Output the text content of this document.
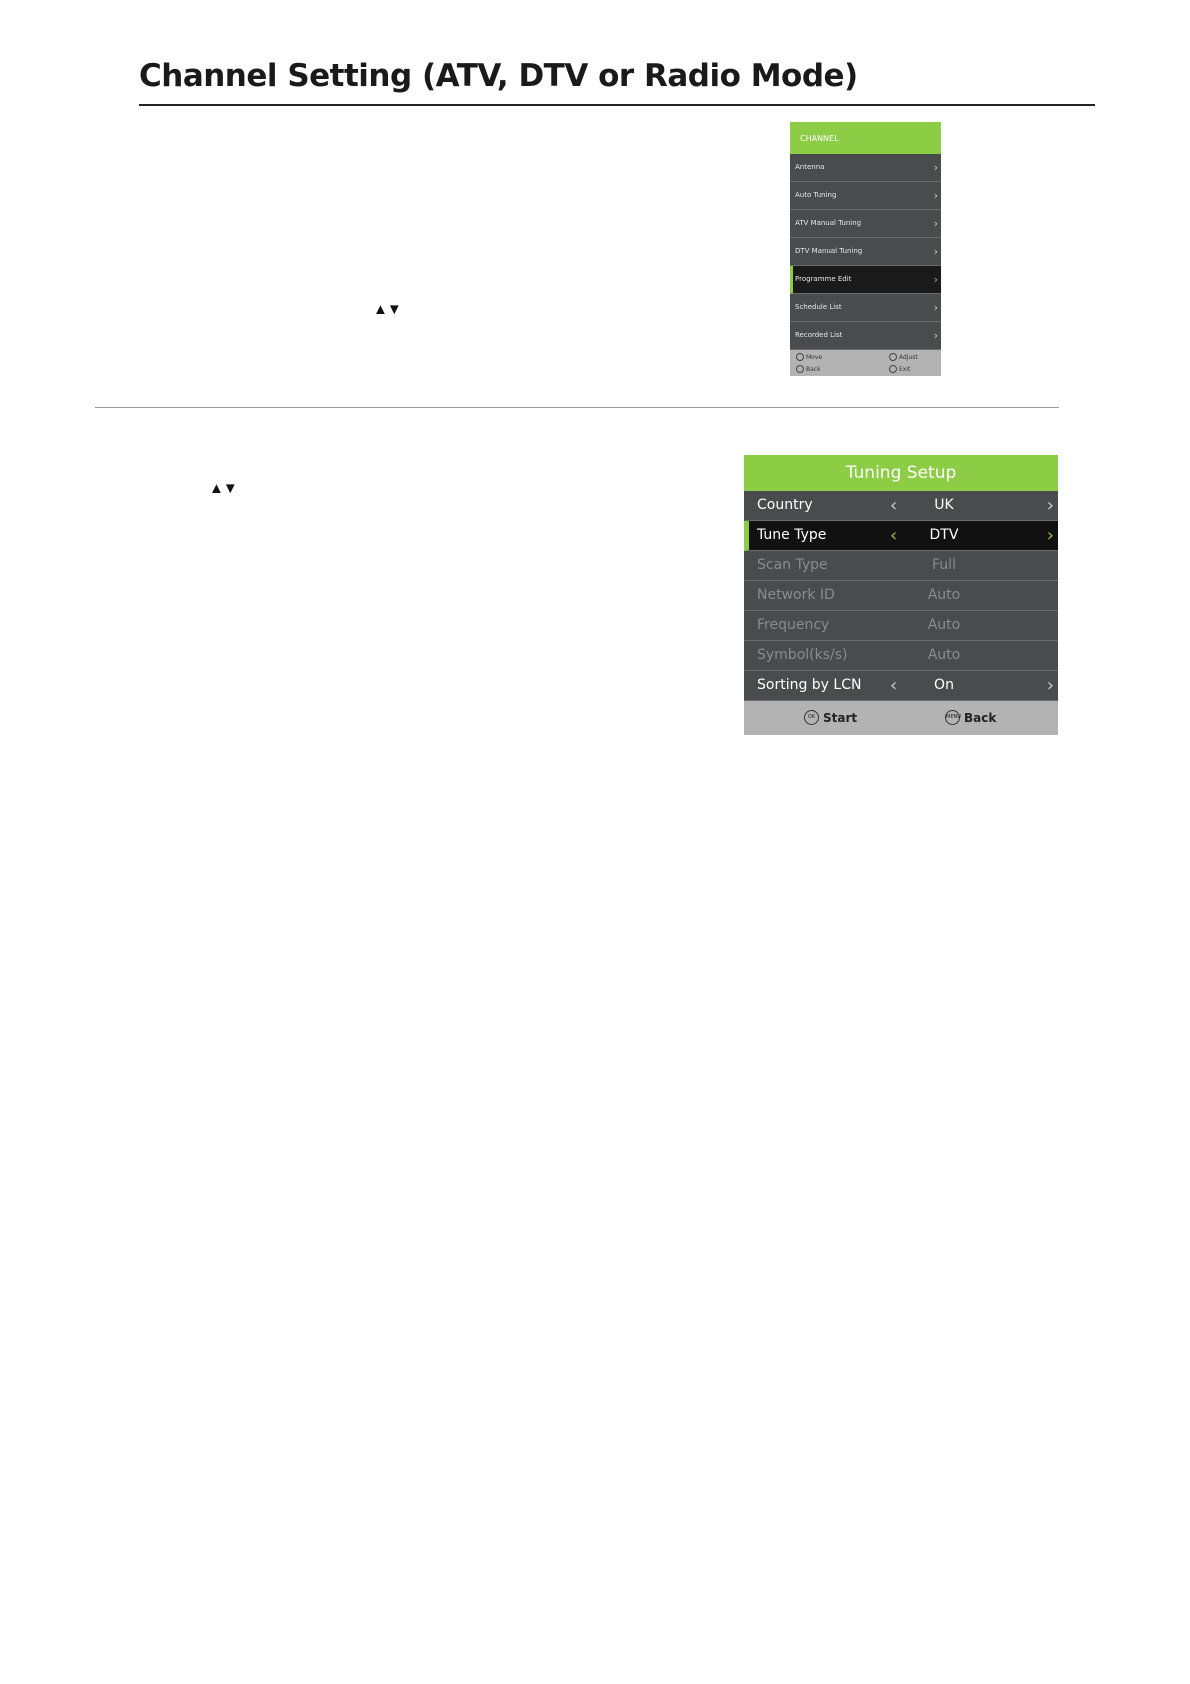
Channel Setting (ATV, DTV or Radio Mode)
▲▼
CHANNEL
Antenna	›
Auto Tuning	›
ATV Manual Tuning	›
DTV Manual Tuning	›
Programme Edit	›
Schedule List	›
Recorded List	›
Move	Adjust
Back	Exit
▲▼
Tuning Setup
Country	‹	UK	›
Tune Type	‹	DTV	›
Scan Type	Full
Network ID	Auto
Frequency	Auto
Symbol(ks/s)	Auto
Sorting by LCN ‹	On	›
OK Start	MENU Back
